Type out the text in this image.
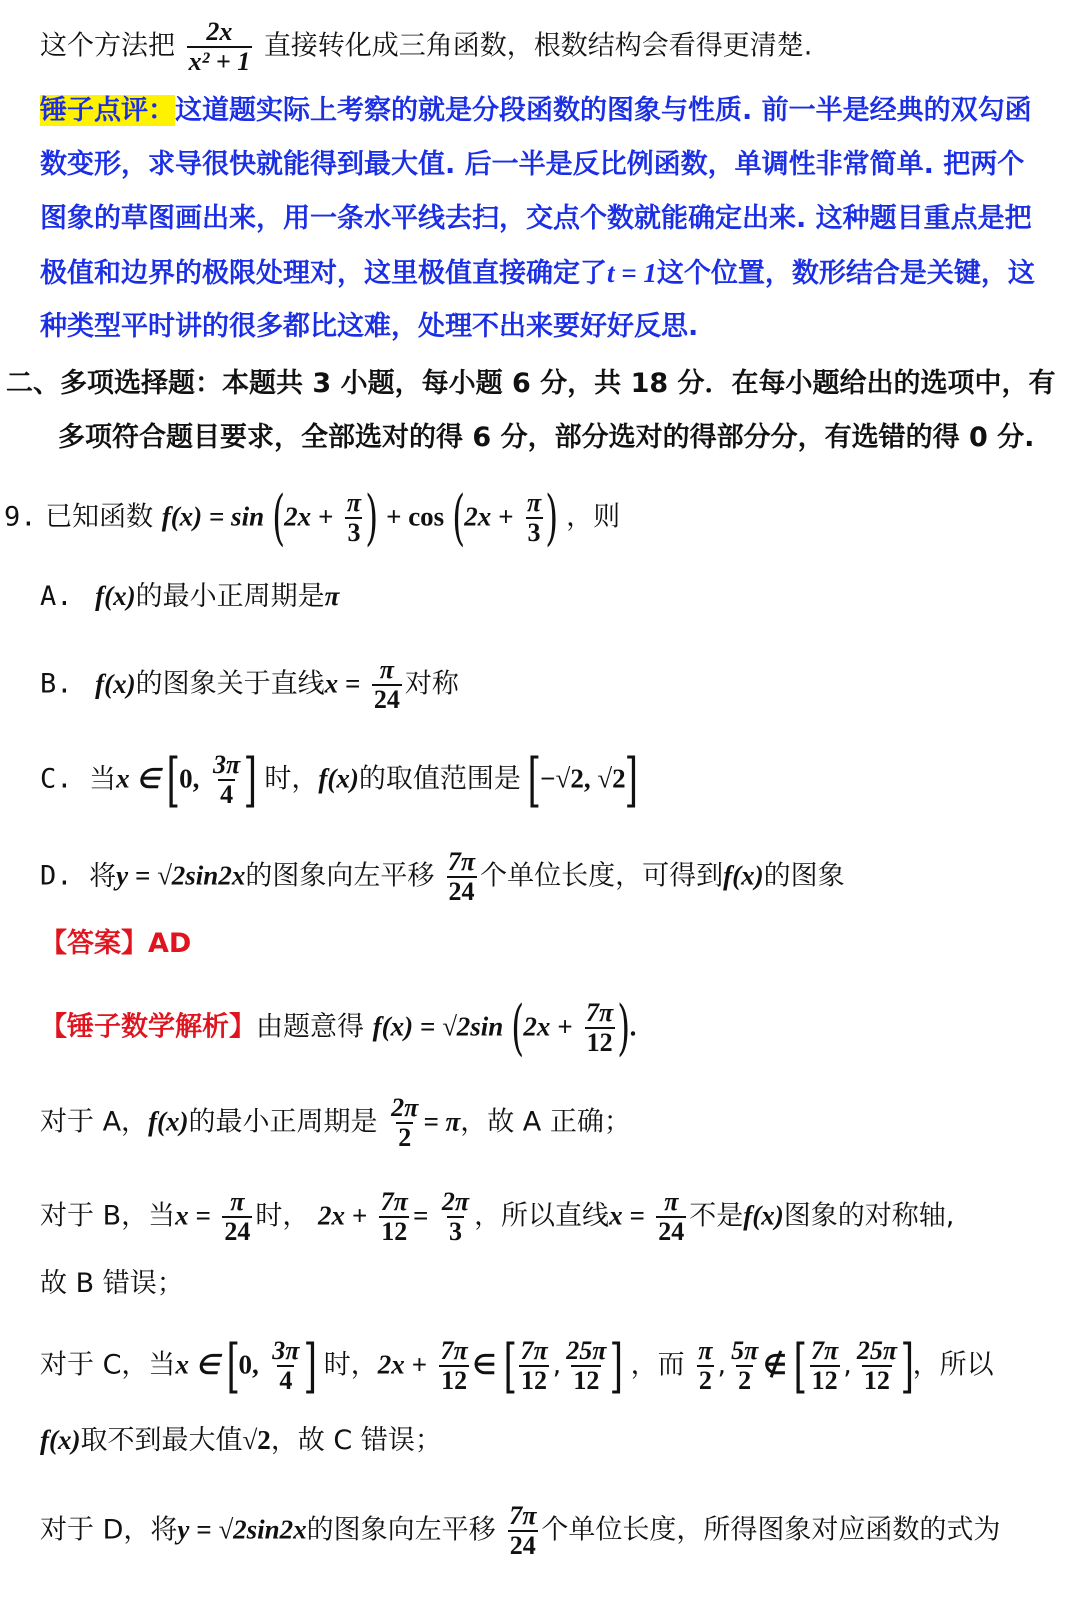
这个方法把 $\frac{2x}{\text{x² + 1}}$ 直接转化成三角函数，根数结构会看得更清楚.
锤子点评：这道题实际上考察的就是分段函数的图象与性质. 前一半是经典的双勾函
数变形，求导很快就能得到最大值. 后一半是反比例函数，单调性非常简单. 把两个
图象的草图画出来，用一条水平线去扫，交点个数就能确定出来. 这种题目重点是把
极值和边界的极限处理对，这里极值直接确定了t = 1这个位置，数形结合是关键，这
种类型平时讲的很多都比这难，处理不出来要好好反思.
二、多项选择题：本题共 3 小题，每小题 6 分，共 18 分．在每小题给出的选项中，有
多项符合题目要求，全部选对的得 6 分，部分选对的得部分分，有选错的得 0 分.
9. 已知函数 $f(x) = \sin (2x + \frac{\pi}{3}$ ) + $\cos (2x + \frac{\pi}{3}$ ) ，则
A. f(x)的最小正周期是π
B. f(x)的图象关于直线$x = \frac{\pi}{24}$ 对称
C. 当x ∈ [0, $\frac{3\pi}{4}$ ] 时，f(x)的取值范围是 [−√2, √2]
D. 将y = √2sin2x的图象向左平移 $\frac{7\pi}{24}$ 个单位长度，可得到f(x)的图象
【答案】AD
【锤子数学解析】由题意得 f(x) = √2sin ($2x + \frac{7\pi}{12}$ ).
对于 A，f(x)的最小正周期是 $\frac{2\pi}{2} = \pi$，故 A 正确；
对于 B，当$x = \frac{\pi}{24}$ 时， $2x + \frac{7\pi}{12} = \frac{2\pi}{3}$ ，所以直线$x = \frac{\pi}{24}$ 不是f(x)图象的对称轴,
故 B 错误；
对于 C，当x ∈ [0, $\frac{3\pi}{4}$ ] 时，$2x + \frac{7\pi}{12}$ ∈ [ $\frac{7\pi}{12}$ , $\frac{25\pi}{12}$ ] ，而 $\frac{\pi}{2}$ , $\frac{5\pi}{2}$ ∉ [ $\frac{7\pi}{12}$ , $\frac{25\pi}{12}$ ]，所以
f(x)取不到最大值√2，故 C 错误；
对于 D，将y = √2sin2x的图象向左平移 $\frac{7\pi}{24}$ 个单位长度，所得图象对应函数的式为
